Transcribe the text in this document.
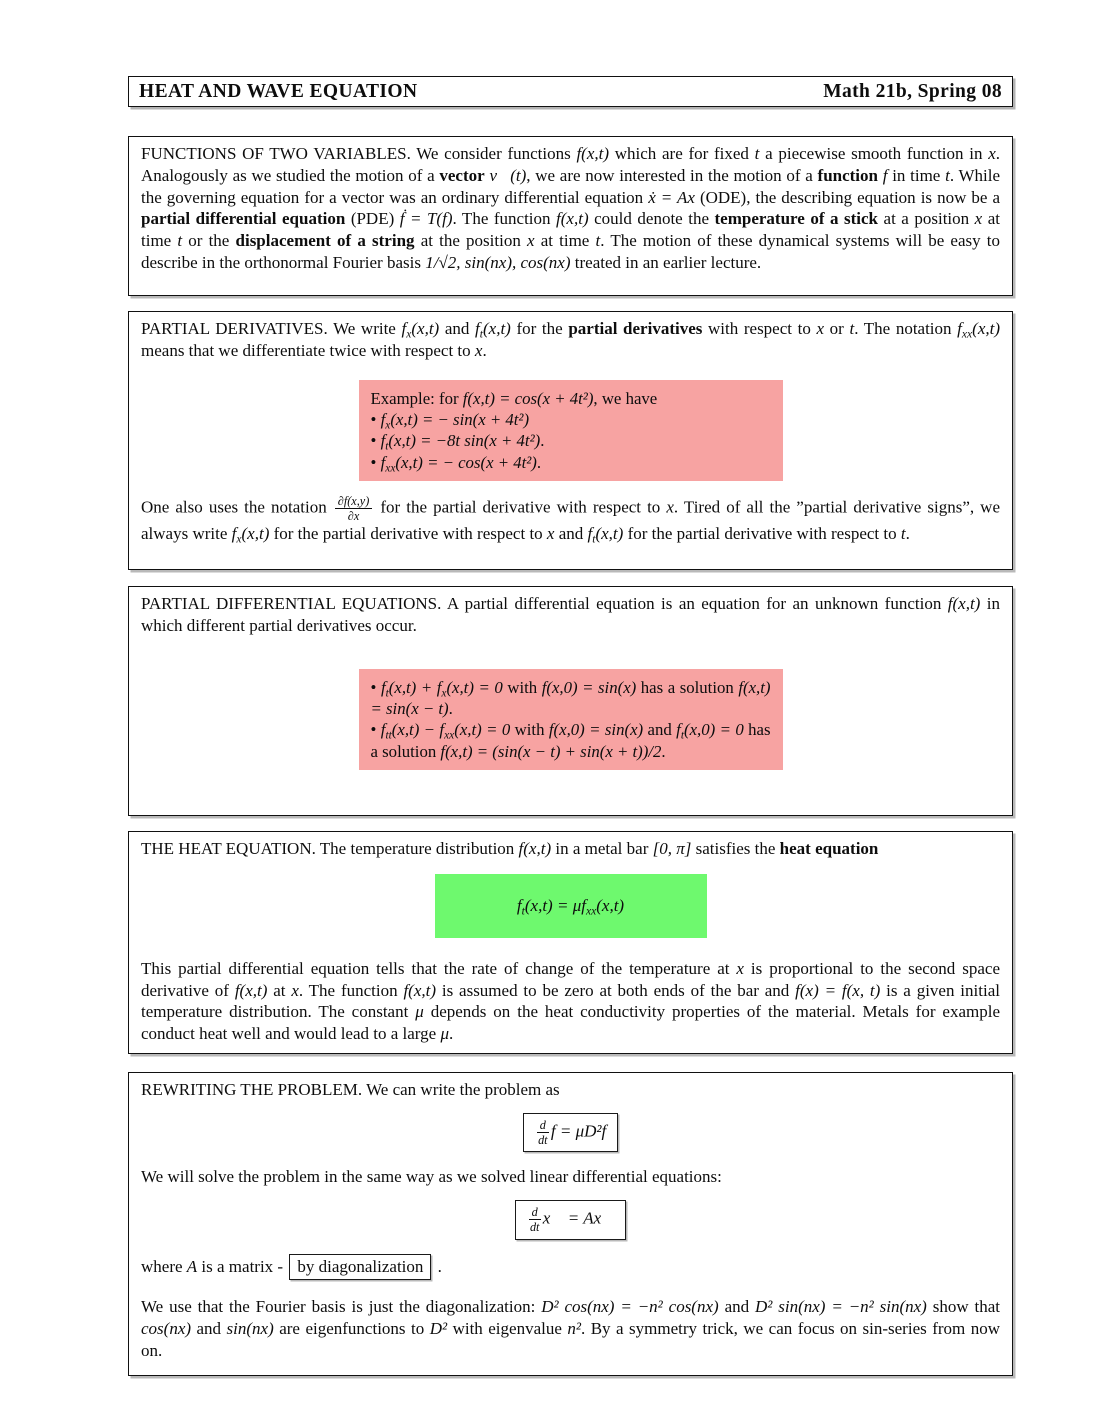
HEAT AND WAVE EQUATION	Math 21b, Spring 08

FUNCTIONS OF TWO VARIABLES. We consider functions f(x,t) which are for fixed t a piecewise smooth function in x. Analogously as we studied the motion of a vector v⃗(t), we are now interested in the motion of a function f in time t. While the governing equation for a vector was an ordinary differential equation ẋ = Ax (ODE), the describing equation is now be a partial differential equation (PDE) ḟ = T(f). The function f(x,t) could denote the temperature of a stick at a position x at time t or the displacement of a string at the position x at time t. The motion of these dynamical systems will be easy to describe in the orthonormal Fourier basis 1/√2, sin(nx), cos(nx) treated in an earlier lecture.

PARTIAL DERIVATIVES. We write $f_x(x,t)$ and $f_t(x,t)$ for the partial derivatives with respect to x or t. The notation $f_{xx}(x,t)$ means that we differentiate twice with respect to x.

Example: for f(x,t) = cos(x + 4t²), we have

• $f_x(x,t)$ = − sin(x + 4t²)

• $f_t(x,t) = -8t$ sin(x + 4t²).

• $f_{xx}(x,t)$ = − cos(x + 4t²).

One also uses the notation $\frac{\partial f(x,y)}{\partial x}$ for the partial derivative with respect to x. Tired of all the ”partial derivative signs”, we always write $f_x(x,t)$ for the partial derivative with respect to x and $f_t(x,t)$ for the partial derivative with respect to t.

PARTIAL DIFFERENTIAL EQUATIONS. A partial differential equation is an equation for an unknown function f(x,t) in which different partial derivatives occur.

• $f_t(x,t) + f_x(x,t) = 0$ with f(x,0) = sin(x) has a solution f(x,t) = sin(x − t).

• $f_{tt}(x,t) - f_{xx}(x,t) = 0$ with f(x,0) = sin(x) and $f_t(x,0) = 0$ has a solution f(x,t) = (sin(x − t) + sin(x + t))/2.

THE HEAT EQUATION. The temperature distribution f(x,t) in a metal bar [0, π] satisfies the heat equation

$f_t(x,t) = \mu f_{xx}(x,t)$

This partial differential equation tells that the rate of change of the temperature at x is proportional to the second space derivative of f(x,t) at x. The function f(x,t) is assumed to be zero at both ends of the bar and f(x) = f(x, t) is a given initial temperature distribution. The constant μ depends on the heat conductivity properties of the material. Metals for example conduct heat well and would lead to a large μ.

REWRITING THE PROBLEM. We can write the problem as

$\frac{d}{dt}$ f = μD²f

We will solve the problem in the same way as we solved linear differential equations:

$\frac{d}{dt}$ x⃗ = Ax⃗

where A is a matrix - by diagonalization .

We use that the Fourier basis is just the diagonalization: D² cos(nx) = −n² cos(nx) and D² sin(nx) = −n² sin(nx) show that cos(nx) and sin(nx) are eigenfunctions to D² with eigenvalue n². By a symmetry trick, we can focus on sin-series from now on.
